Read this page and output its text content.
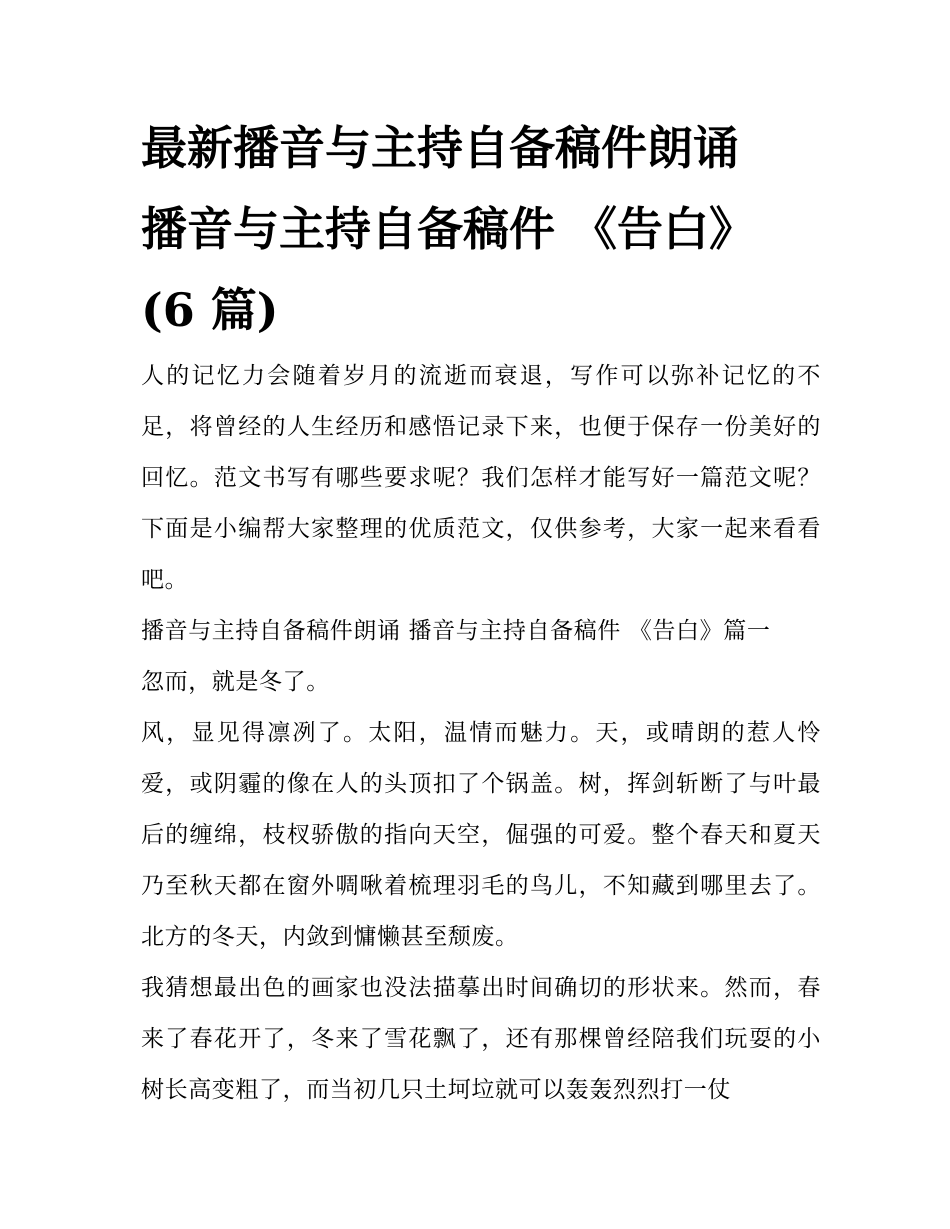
最新播音与主持自备稿件朗诵
播音与主持自备稿件 《告白》
(6 篇)

人的记忆力会随着岁月的流逝而衰退，写作可以弥补记忆的不足，将曾经的人生经历和感悟记录下来，也便于保存一份美好的回忆。范文书写有哪些要求呢？我们怎样才能写好一篇范文呢？下面是小编帮大家整理的优质范文，仅供参考，大家一起来看看吧。

播音与主持自备稿件朗诵 播音与主持自备稿件 《告白》篇一

忽而，就是冬了。

风，显见得凛冽了。太阳，温情而魅力。天，或晴朗的惹人怜爱，或阴霾的像在人的头顶扣了个锅盖。树，挥剑斩断了与叶最后的缠绵，枝杈骄傲的指向天空，倔强的可爱。整个春天和夏天乃至秋天都在窗外啁啾着梳理羽毛的鸟儿，不知藏到哪里去了。北方的冬天，内敛到慵懒甚至颓废。

我猜想最出色的画家也没法描摹出时间确切的形状来。然而，春来了春花开了，冬来了雪花飘了，还有那棵曾经陪我们玩耍的小树长高变粗了，而当初几只土坷垃就可以轰轰烈烈打一仗
